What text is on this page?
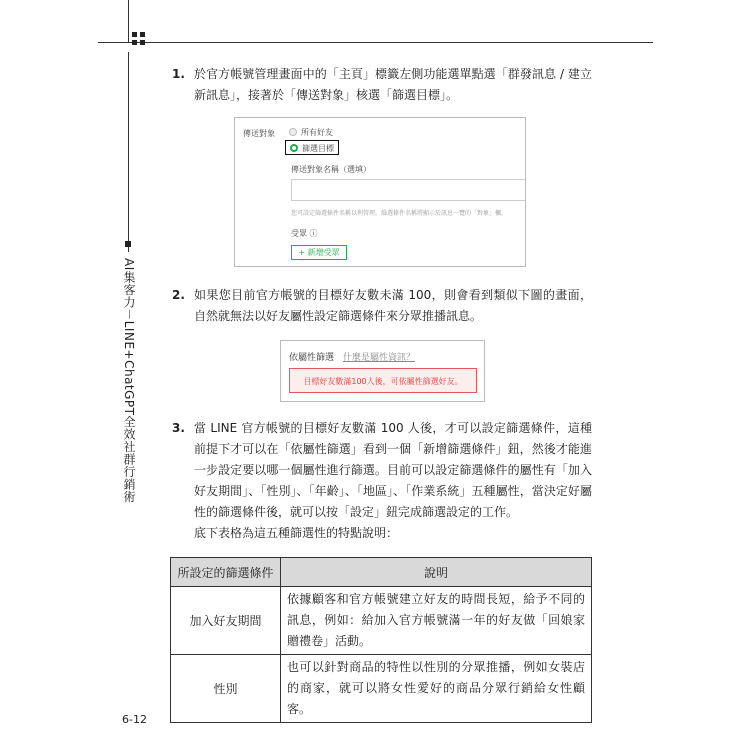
AI集客力－LINE+ChatGPT全效社群行銷術
1. 於官方帳號管理畫面中的「主頁」標籤左側功能選單點選「群發訊息 / 建立新訊息」，接著於「傳送對象」核選「篩選目標」。
傳送對象	所有好友
篩選目標
傳送對象名稱（選填）
您可設定篩選條件名稱以利管理。篩選條件名稱將顯示於訊息一覽的「對象」欄。
受眾 ⓘ
+ 新增受眾
2. 如果您目前官方帳號的目標好友數未滿 100，則會看到類似下圖的畫面，自然就無法以好友屬性設定篩選條件來分眾推播訊息。
依屬性篩選 什麼是屬性資訊？
目標好友數滿100人後，可依屬性篩選好友。
3. 當 LINE 官方帳號的目標好友數滿 100 人後，才可以設定篩選條件，這種前提下才可以在「依屬性篩選」看到一個「新增篩選條件」鈕，然後才能進一步設定要以哪一個屬性進行篩選。目前可以設定篩選條件的屬性有「加入好友期間」、「性別」、「年齡」、「地區」、「作業系統」五種屬性，當決定好屬性的篩選條件後，就可以按「設定」鈕完成篩選設定的工作。
底下表格為這五種篩選性的特點說明：
所設定的篩選條件	說明
加入好友期間	依據顧客和官方帳號建立好友的時間長短，給予不同的訊息，例如：給加入官方帳號滿一年的好友做「回娘家贈禮卷」活動。
性別	也可以針對商品的特性以性別的分眾推播，例如女裝店的商家，就可以將女性愛好的商品分眾行銷給女性顧客。
6-12
